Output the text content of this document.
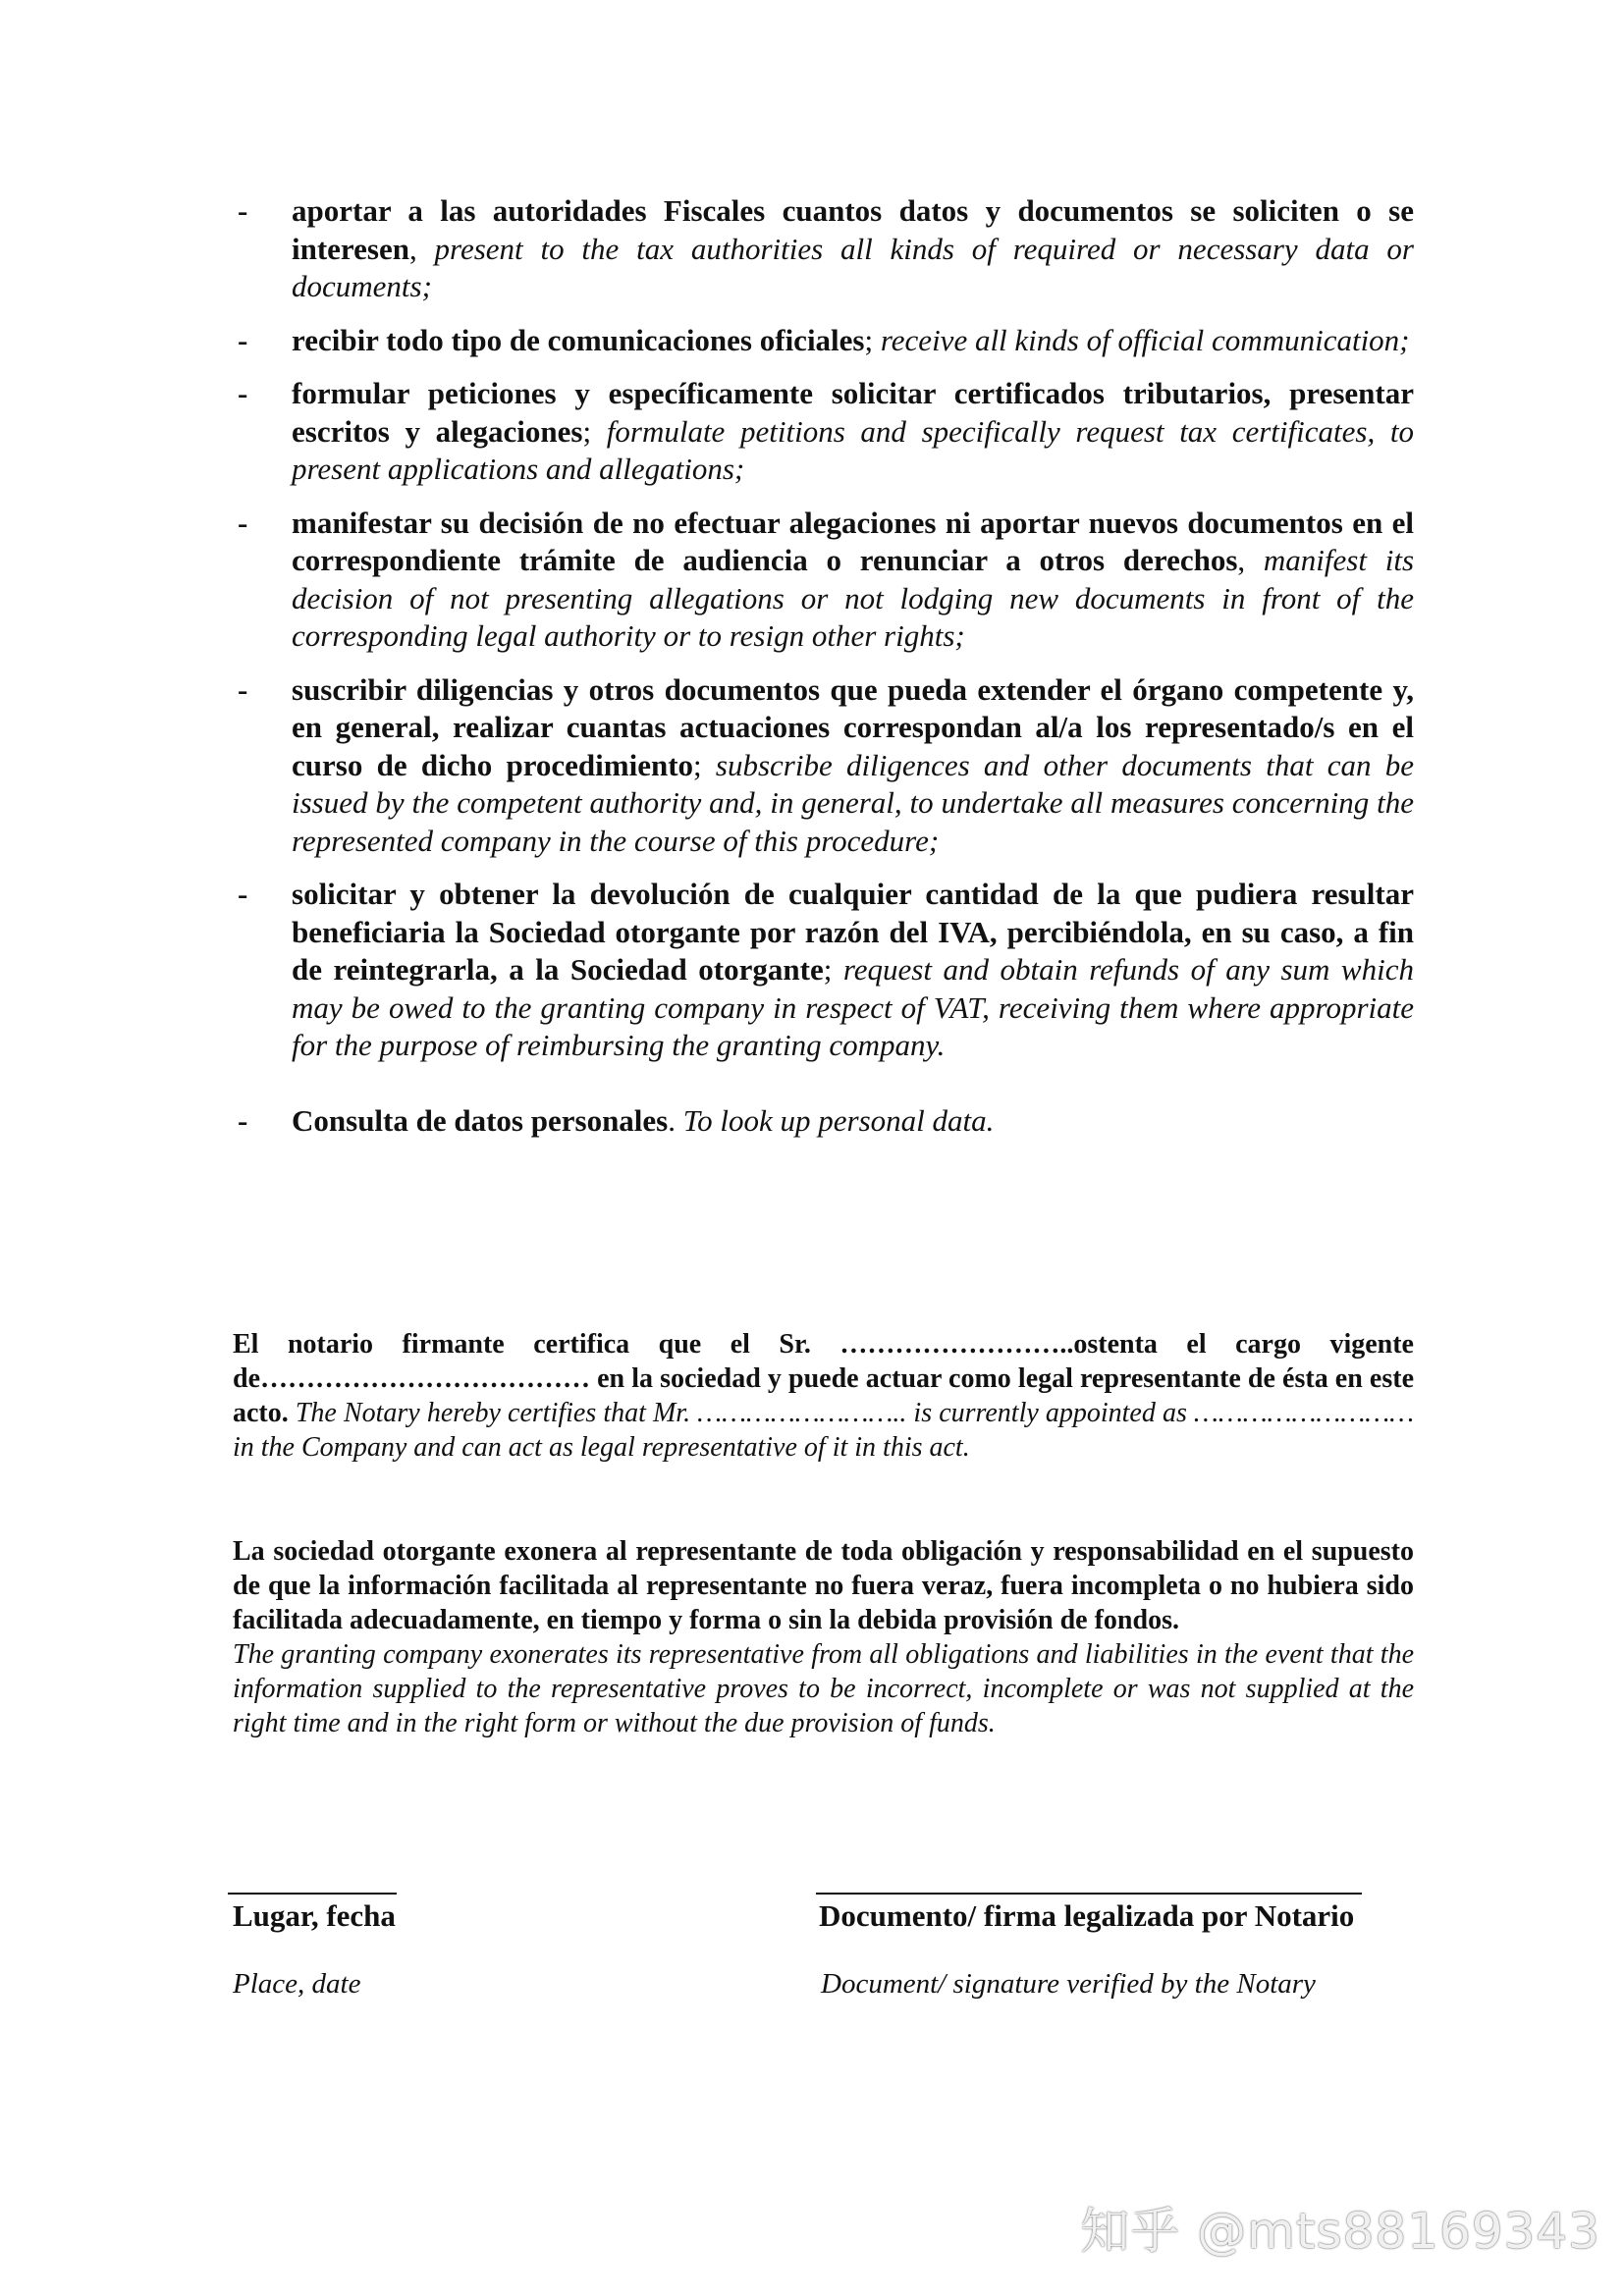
- aportar a las autoridades Fiscales cuantos datos y documentos se soliciten o se interesen, present to the tax authorities all kinds of required or necessary data or documents;
- recibir todo tipo de comunicaciones oficiales; receive all kinds of official communication;
- formular peticiones y específicamente solicitar certificados tributarios, presentar escritos y alegaciones; formulate petitions and specifically request tax certificates, to present applications and allegations;
- manifestar su decisión de no efectuar alegaciones ni aportar nuevos documentos en el correspondiente trámite de audiencia o renunciar a otros derechos, manifest its decision of not presenting allegations or not lodging new documents in front of the corresponding legal authority or to resign other rights;
- suscribir diligencias y otros documentos que pueda extender el órgano competente y, en general, realizar cuantas actuaciones correspondan al/a los representado/s en el curso de dicho procedimiento; subscribe diligences and other documents that can be issued by the competent authority and, in general, to undertake all measures concerning the represented company in the course of this procedure;
- solicitar y obtener la devolución de cualquier cantidad de la que pudiera resultar beneficiaria la Sociedad otorgante por razón del IVA, percibiéndola, en su caso, a fin de reintegrarla, a la Sociedad otorgante; request and obtain refunds of any sum which may be owed to the granting company in respect of VAT, receiving them where appropriate for the purpose of reimbursing the granting company.
- Consulta de datos personales. To look up personal data.
El notario firmante certifica que el Sr. ……………………..ostenta el cargo vigente de……………………………… en la sociedad y puede actuar como legal representante de ésta en este acto. The Notary hereby certifies that Mr. …………………….. is currently appointed as ……………………… in the Company and can act as legal representative of it in this act.
La sociedad otorgante exonera al representante de toda obligación y responsabilidad en el supuesto de que la información facilitada al representante no fuera veraz, fuera incompleta o no hubiera sido facilitada adecuadamente, en tiempo y forma o sin la debida provisión de fondos.
The granting company exonerates its representative from all obligations and liabilities in the event that the information supplied to the representative proves to be incorrect, incomplete or was not supplied at the right time and in the right form or without the due provision of funds.
Lugar, fecha	Documento/ firma legalizada por Notario
Place, date	Document/ signature verified by the Notary
知乎 @mts88169343
